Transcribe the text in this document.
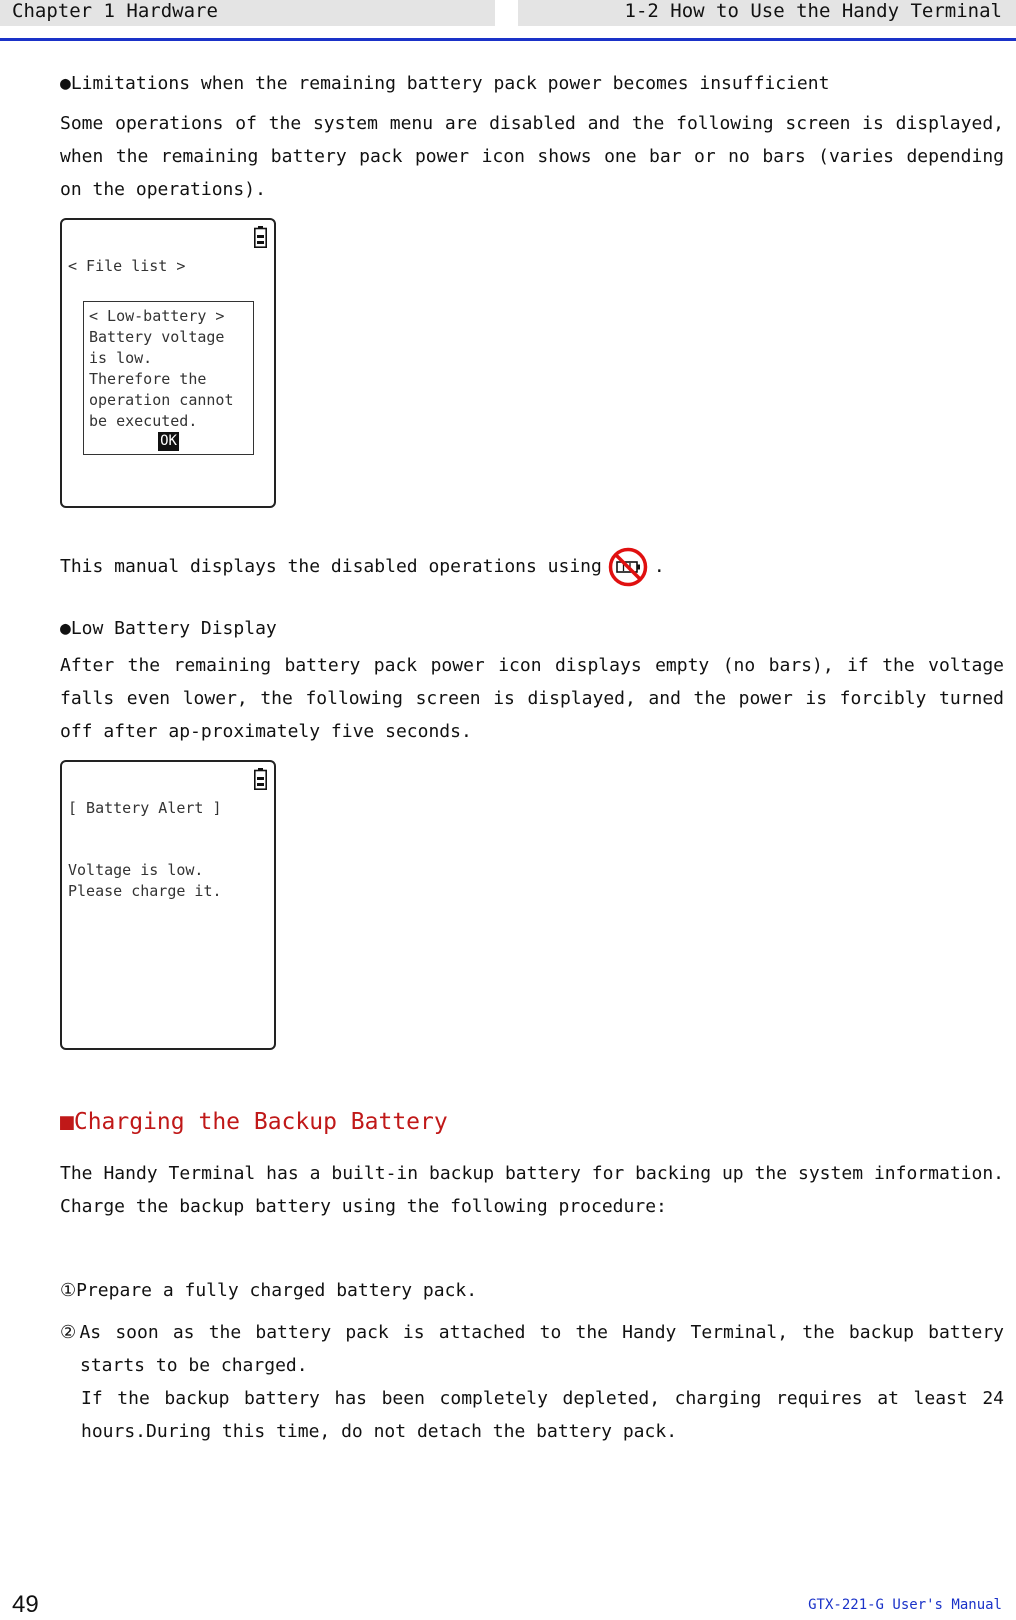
Chapter 1 Hardware	1-2 How to Use the Handy Terminal
●Limitations when the remaining battery pack power becomes insufficient
Some operations of the system menu are disabled and the following screen is displayed, when the remaining battery pack power icon shows one bar or no bars (varies depending on the operations).
< File list >
< Low-battery >
Battery voltage
is low.
Therefore the
operation cannot
be executed.
OK
This manual displays the disabled operations using	.
●Low Battery Display
After the remaining battery pack power icon displays empty (no bars), if the voltage falls even lower, the following screen is displayed, and the power is forcibly turned off after ap-proximately five seconds.
[ Battery Alert ]
Voltage is low.
Please charge it.
■Charging the Backup Battery
The Handy Terminal has a built-in backup battery for backing up the system information. Charge the backup battery using the following procedure:
①Prepare a fully charged battery pack.
②As soon as the battery pack is attached to the Handy Terminal, the backup battery starts to be charged.
If the backup battery has been completely depleted, charging requires at least 24 hours.During this time, do not detach the battery pack.
49	GTX-221-G User's Manual
